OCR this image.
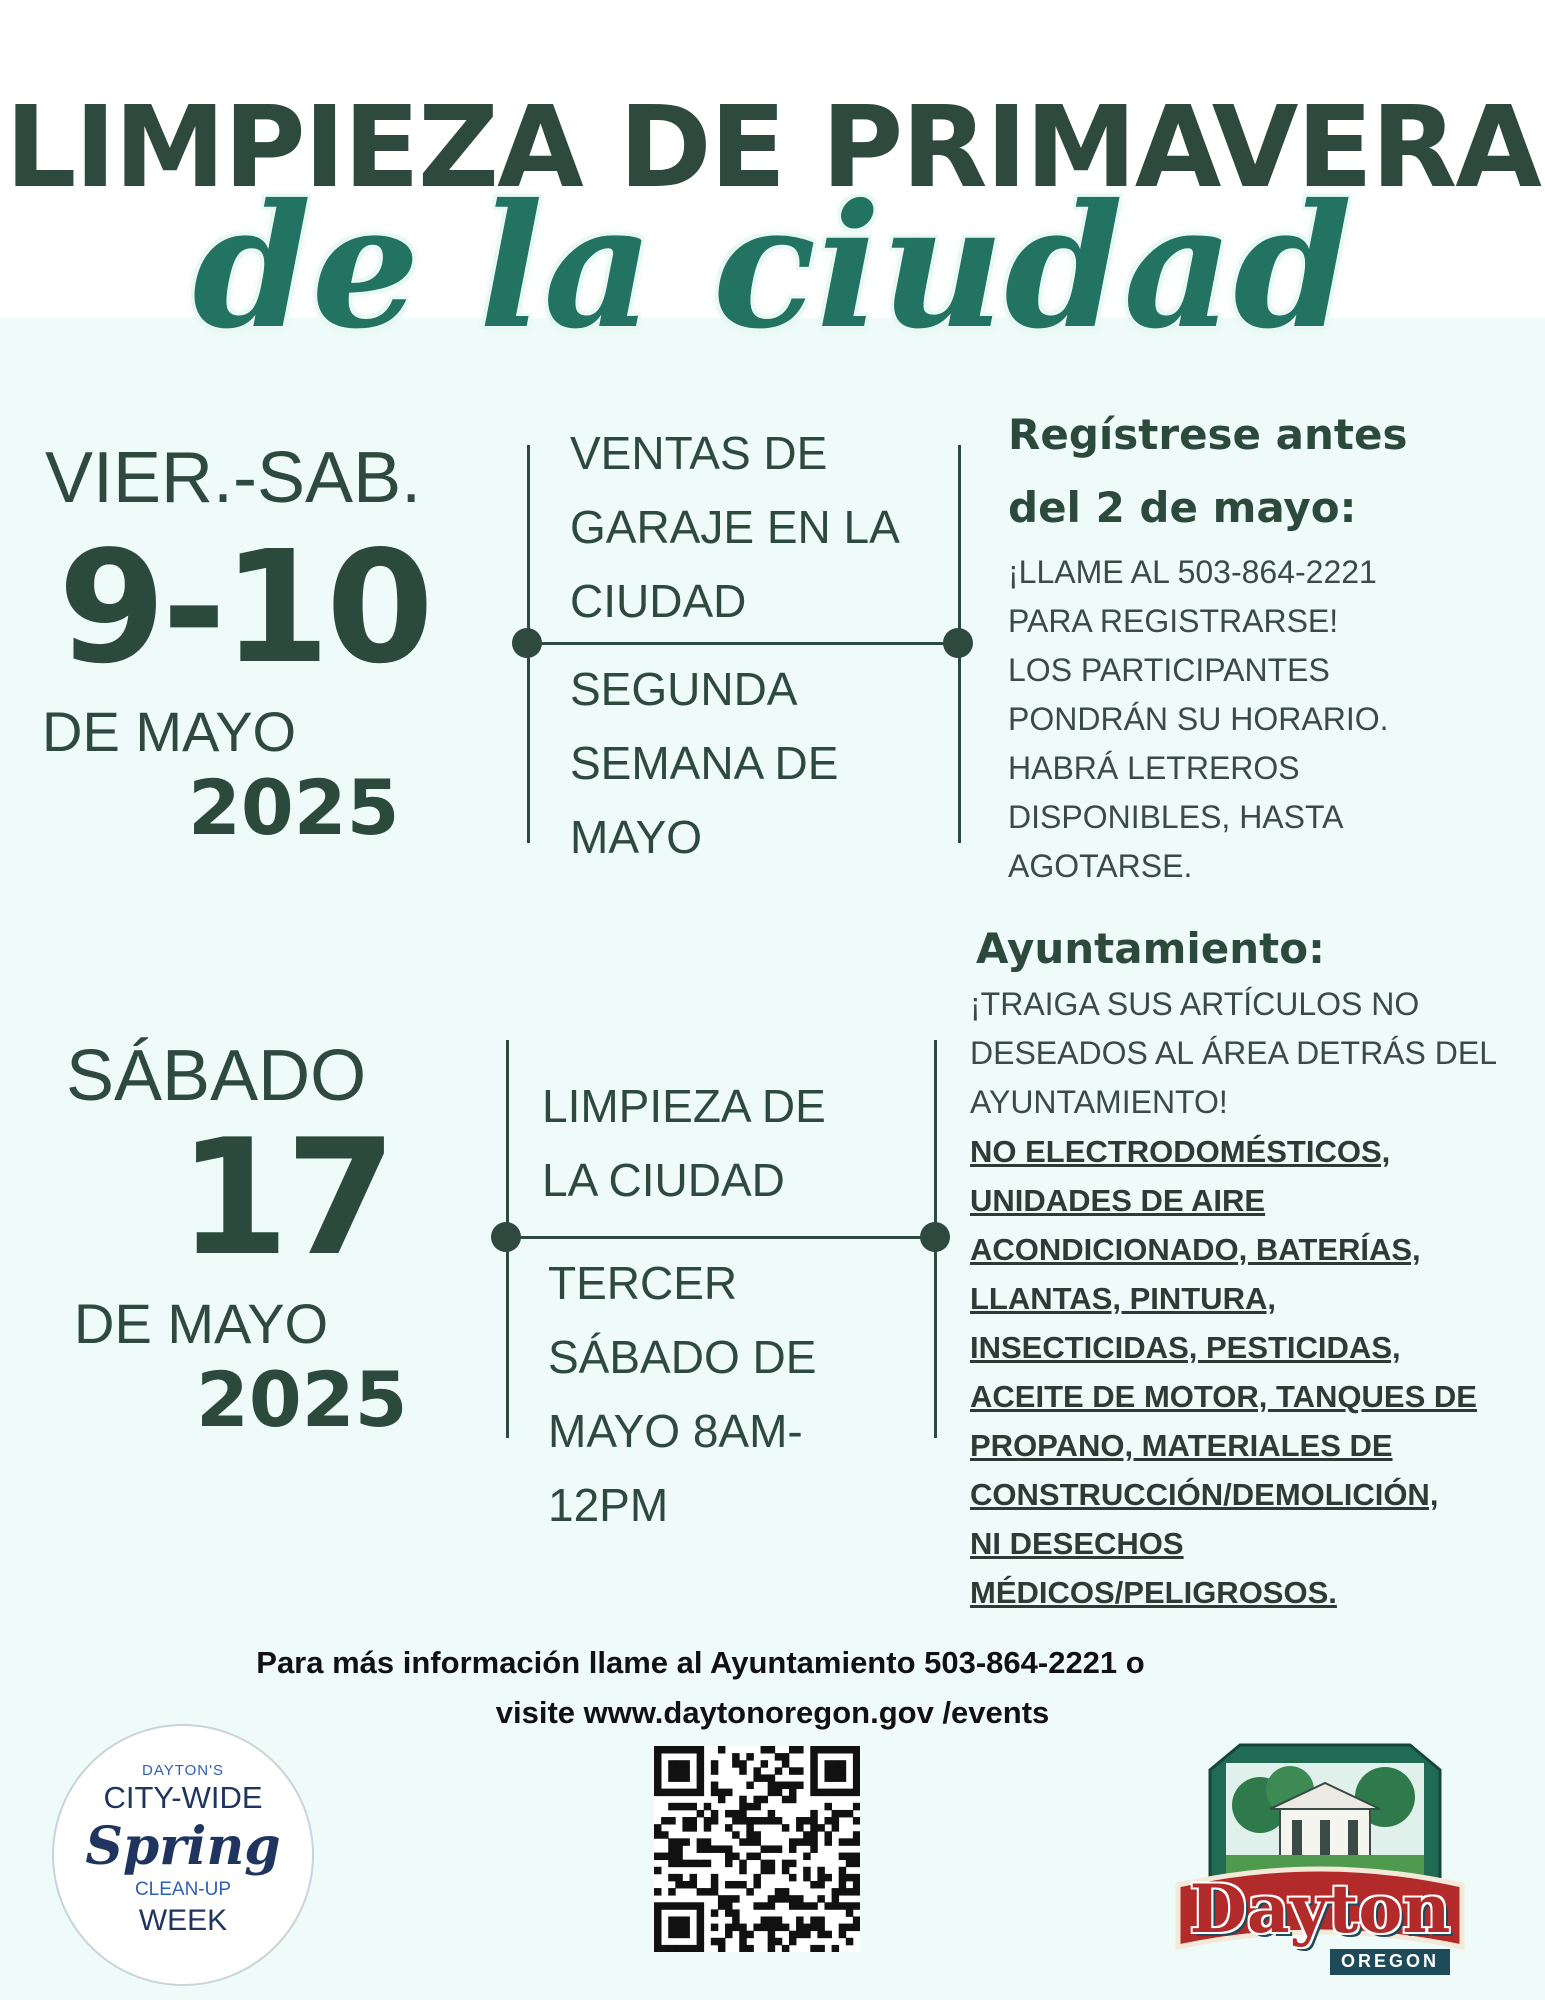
LIMPIEZA DE PRIMAVERA
de la ciudad
VIER.-SAB.
9-10
DE MAYO
2025
VENTAS DE
GARAJE EN LA
CIUDAD
SEGUNDA
SEMANA DE
MAYO
Regístrese antes
del 2 de mayo:
¡LLAME AL 503-864-2221
PARA REGISTRARSE!
LOS PARTICIPANTES
PONDRÁN SU HORARIO.
HABRÁ LETREROS
DISPONIBLES, HASTA
AGOTARSE.
SÁBADO
17
DE MAYO
2025
LIMPIEZA DE
LA CIUDAD
TERCER
SÁBADO DE
MAYO 8AM-
12PM
Ayuntamiento:
¡TRAIGA SUS ARTÍCULOS NO
DESEADOS AL ÁREA DETRÁS DEL
AYUNTAMIENTO!
NO ELECTRODOMÉSTICOS,
UNIDADES DE AIRE
ACONDICIONADO, BATERÍAS,
LLANTAS, PINTURA,
INSECTICIDAS, PESTICIDAS,
ACEITE DE MOTOR, TANQUES DE
PROPANO, MATERIALES DE
CONSTRUCCIÓN/DEMOLICIÓN,
NI DESECHOS
MÉDICOS/PELIGROSOS.
Para más información llame al Ayuntamiento 503-864-2221 o
visite www.daytonoregon.gov /events
DAYTON'S
CITY-WIDE
Spring
CLEAN-UP
WEEK	Dayton
OREGON
